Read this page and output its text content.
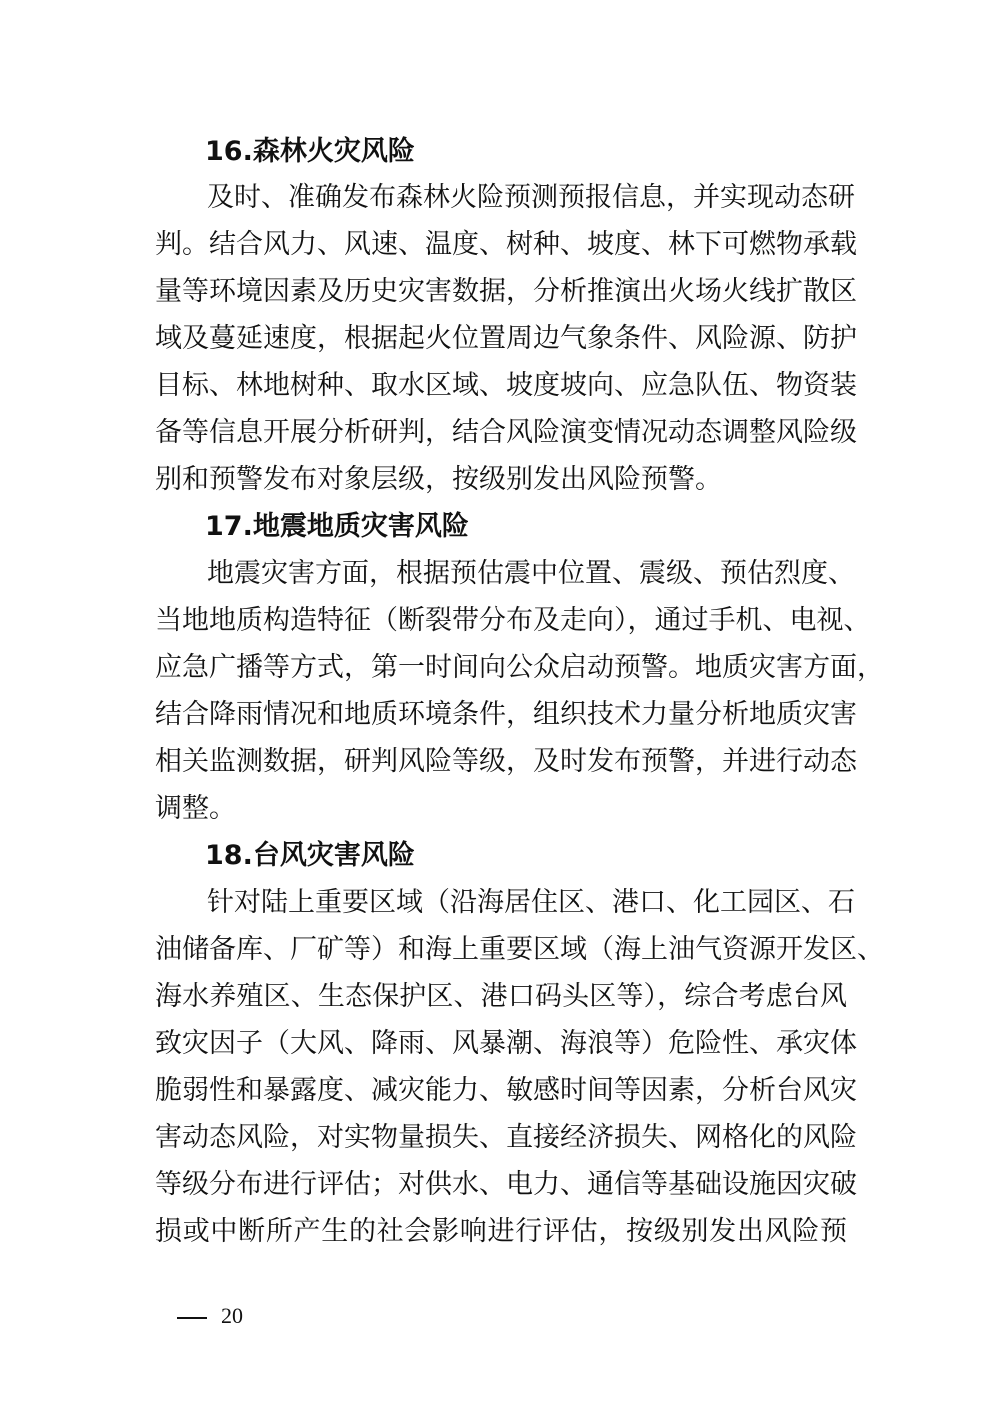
16.森林火灾风险
及时、准确发布森林火险预测预报信息，并实现动态研
判。结合风力、风速、温度、树种、坡度、林下可燃物承载
量等环境因素及历史灾害数据，分析推演出火场火线扩散区
域及蔓延速度，根据起火位置周边气象条件、风险源、防护
目标、林地树种、取水区域、坡度坡向、应急队伍、物资装
备等信息开展分析研判，结合风险演变情况动态调整风险级
别和预警发布对象层级，按级别发出风险预警。
17.地震地质灾害风险
地震灾害方面，根据预估震中位置、震级、预估烈度、
当地地质构造特征（断裂带分布及走向），通过手机、电视、
应急广播等方式，第一时间向公众启动预警。地质灾害方面，
结合降雨情况和地质环境条件，组织技术力量分析地质灾害
相关监测数据，研判风险等级，及时发布预警，并进行动态
调整。
18.台风灾害风险
针对陆上重要区域（沿海居住区、港口、化工园区、石
油储备库、厂矿等）和海上重要区域（海上油气资源开发区、
海水养殖区、生态保护区、港口码头区等），综合考虑台风
致灾因子（大风、降雨、风暴潮、海浪等）危险性、承灾体
脆弱性和暴露度、减灾能力、敏感时间等因素，分析台风灾
害动态风险，对实物量损失、直接经济损失、网格化的风险
等级分布进行评估；对供水、电力、通信等基础设施因灾破
损或中断所产生的社会影响进行评估，按级别发出风险预
20
